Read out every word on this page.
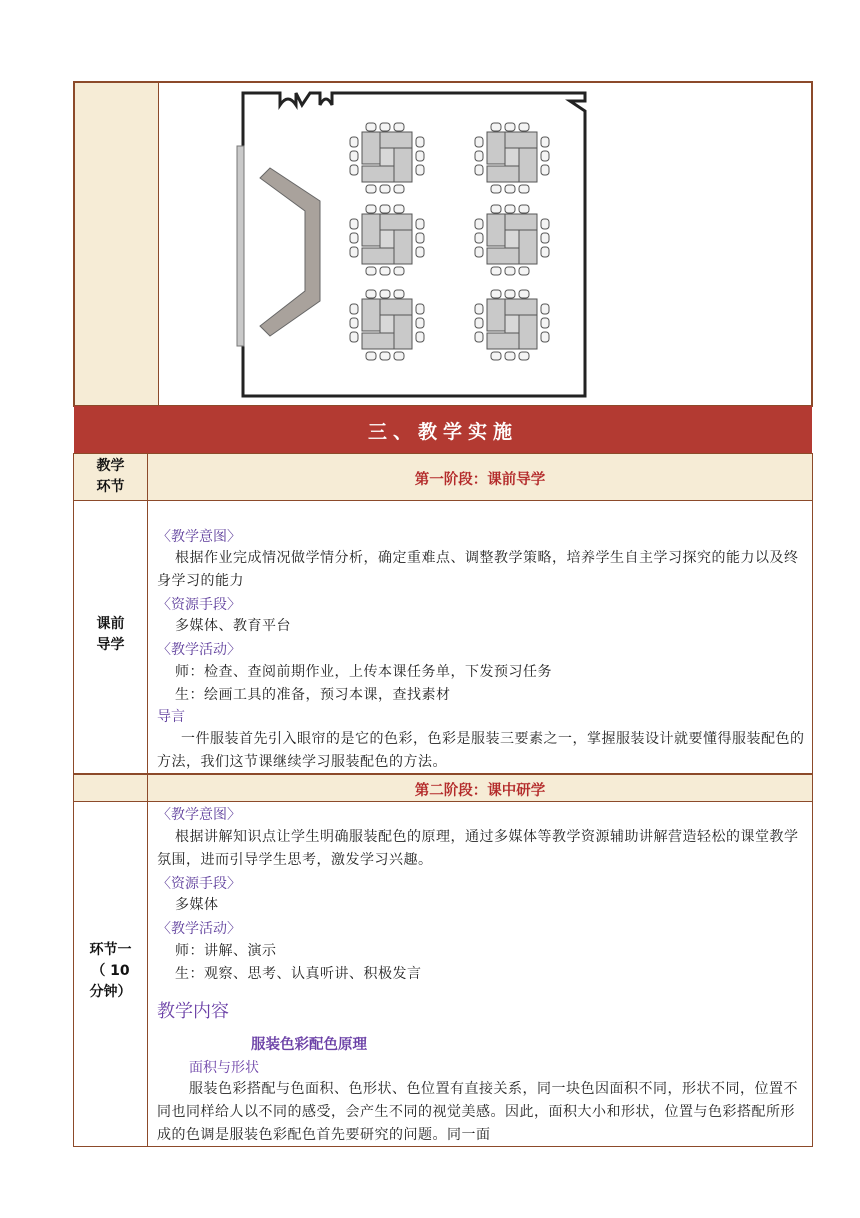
三、教学实施
教学
环节	第一阶段：课前导学
课前
导学
〈教学意图〉
根据作业完成情况做学情分析，确定重难点、调整教学策略，培养学生自主学习探究的能力以及终身学习的能力
〈资源手段〉
多媒体、教育平台
〈教学活动〉
师：检查、查阅前期作业，上传本课任务单，下发预习任务
生：绘画工具的准备，预习本课，查找素材
导言
一件服装首先引入眼帘的是它的色彩，色彩是服装三要素之一，掌握服装设计就要懂得服装配色的方法，我们这节课继续学习服装配色的方法。
第二阶段：课中研学
环节一
（ 10
分钟）
〈教学意图〉
根据讲解知识点让学生明确服装配色的原理，通过多媒体等教学资源辅助讲解营造轻松的课堂教学氛围，进而引导学生思考，激发学习兴趣。
〈资源手段〉
多媒体
〈教学活动〉
师：讲解、演示
生：观察、思考、认真听讲、积极发言
教学内容
服装色彩配色原理
面积与形状
服装色彩搭配与色面积、色形状、色位置有直接关系，同一块色因面积不同，形状不同，位置不同也同样给人以不同的感受，会产生不同的视觉美感。因此，面积大小和形状，位置与色彩搭配所形成的色调是服装色彩配色首先要研究的问题。同一面
